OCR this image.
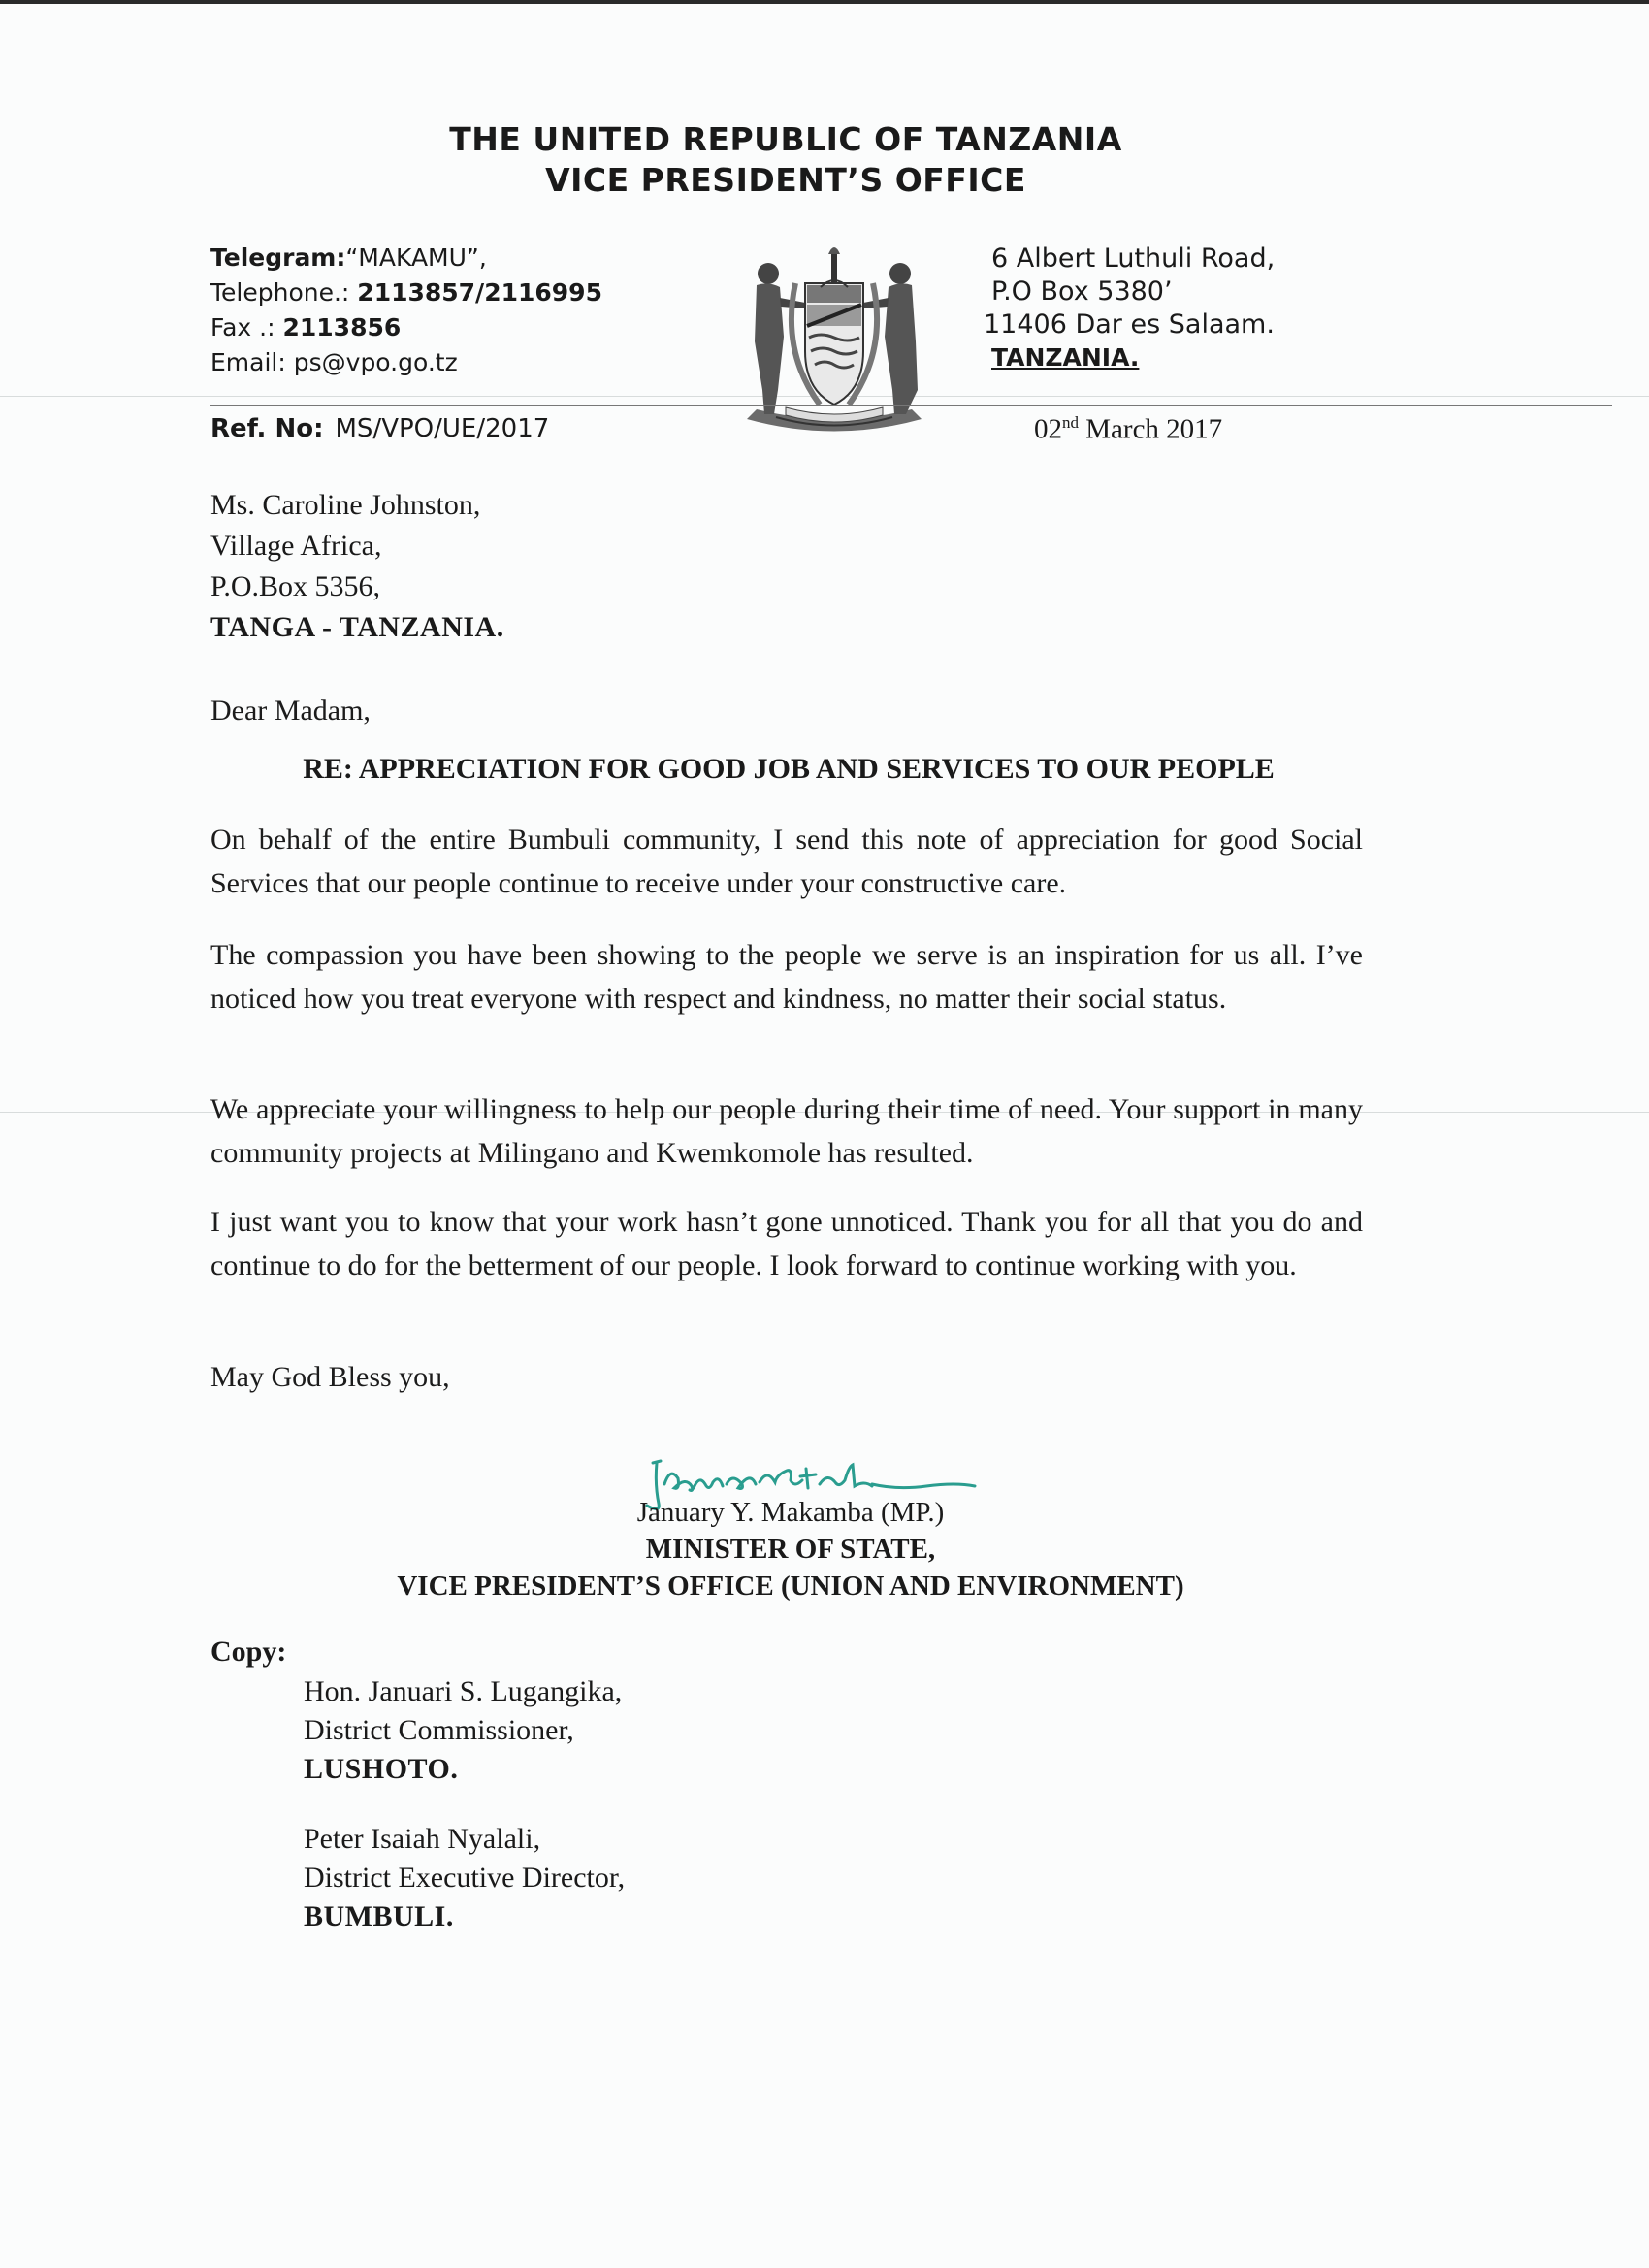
THE UNITED REPUBLIC OF TANZANIA
VICE PRESIDENT’S OFFICE
Telegram:“MAKAMU”,
Telephone.: 2113857/2116995
Fax .: 2113856
Email: ps@vpo.go.tz
6 Albert Luthuli Road,
P.O Box 5380’
11406 Dar es Salaam.
TANZANIA.
Ref. No: MS/VPO/UE/2017	02nd March 2017
Ms. Caroline Johnston,
Village Africa,
P.O.Box 5356,
TANGA - TANZANIA.
Dear Madam,
RE: APPRECIATION FOR GOOD JOB AND SERVICES TO OUR PEOPLE
On behalf of the entire Bumbuli community, I send this note of appreciation for good Social Services that our people continue to receive under your constructive care.
The compassion you have been showing to the people we serve is an inspiration for us all. I’ve noticed how you treat everyone with respect and kindness, no matter their social status.
We appreciate your willingness to help our people during their time of need. Your support in many community projects at Milingano and Kwemkomole has resulted.
I just want you to know that your work hasn’t gone unnoticed. Thank you for all that you do and continue to do for the betterment of our people. I look forward to continue working with you.
May God Bless you,
January Y. Makamba (MP.)
MINISTER OF STATE,
VICE PRESIDENT’S OFFICE (UNION AND ENVIRONMENT)
Copy:
Hon. Januari S. Lugangika,
District Commissioner,
LUSHOTO.
Peter Isaiah Nyalali,
District Executive Director,
BUMBULI.
